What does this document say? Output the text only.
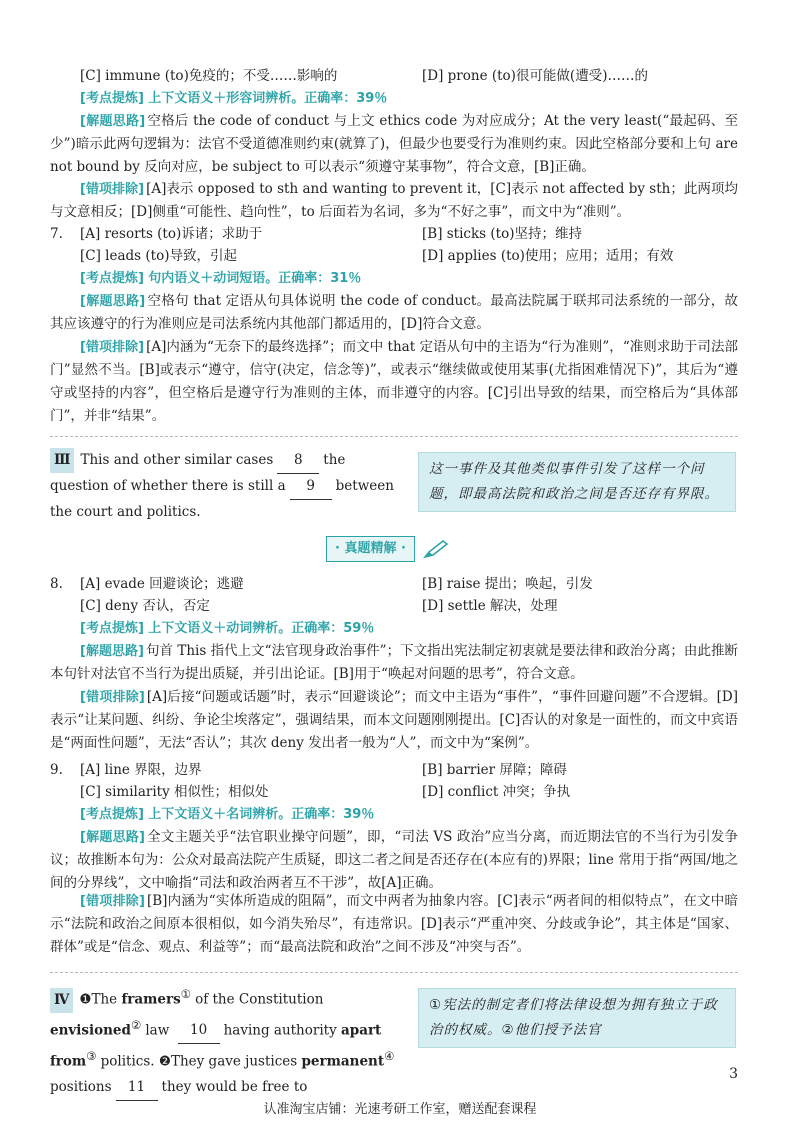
[C] immune (to)免疫的；不受……影响的	[D] prone (to)很可能做(遭受)……的
[考点提炼] 上下文语义＋形容词辨析。正确率：39％
[解题思路] 空格后 the code of conduct 与上文 ethics code 为对应成分；At the very least(“最起码、至少”)暗示此两句逻辑为：法官不受道德准则约束(就算了)，但最少也要受行为准则约束。因此空格部分要和上句 are not bound by 反向对应，be subject to 可以表示“须遵守某事物”，符合文意，[B]正确。
[错项排除] [A]表示 opposed to sth and wanting to prevent it，[C]表示 not affected by sth；此两项均与文意相反；[D]侧重“可能性、趋向性”，to 后面若为名词，多为“不好之事”，而文中为“准则”。
7. [A] resorts (to)诉诸；求助于	[B] sticks (to)坚持；维持
[C] leads (to)导致，引起	[D] applies (to)使用；应用；适用；有效
[考点提炼] 句内语义＋动词短语。正确率：31％
[解题思路] 空格句 that 定语从句具体说明 the code of conduct。最高法院属于联邦司法系统的一部分，故其应该遵守的行为准则应是司法系统内其他部门都适用的，[D]符合文意。
[错项排除] [A]内涵为“无奈下的最终选择”；而文中 that 定语从句中的主语为“行为准则”，“准则求助于司法部门”显然不当。[B]或表示“遵守，信守(决定，信念等)”，或表示“继续做或使用某事(尤指困难情况下)”，其后为“遵守或坚持的内容”，但空格后是遵守行为准则的主体，而非遵守的内容。[C]引出导致的结果，而空格后为“具体部门”，并非“结果”。
Ⅲ This and other similar cases 8 the question of whether there is still a 9 between the court and politics.
这一事件及其他类似事件引发了这样一个问题，即最高法院和政治之间是否还存有界限。
· 真题精解 ·
8. [A] evade 回避谈论；逃避	[B] raise 提出；唤起，引发
[C] deny 否认，否定	[D] settle 解决，处理
[考点提炼] 上下文语义＋动词辨析。正确率：59％
[解题思路] 句首 This 指代上文“法官现身政治事件”；下文指出宪法制定初衷就是要法律和政治分离；由此推断本句针对法官不当行为提出质疑，并引出论证。[B]用于“唤起对问题的思考”，符合文意。
[错项排除] [A]后接“问题或话题”时，表示“回避谈论”；而文中主语为“事件”，“事件回避问题”不合逻辑。[D]表示“让某问题、纠纷、争论尘埃落定”，强调结果，而本文问题刚刚提出。[C]否认的对象是一面性的，而文中宾语是“两面性问题”，无法“否认”；其次 deny 发出者一般为“人”，而文中为“案例”。
9. [A] line 界限，边界	[B] barrier 屏障；障碍
[C] similarity 相似性；相似处	[D] conflict 冲突；争执
[考点提炼] 上下文语义＋名词辨析。正确率：39％
[解题思路] 全文主题关乎“法官职业操守问题”，即，“司法 VS 政治”应当分离，而近期法官的不当行为引发争议；故推断本句为：公众对最高法院产生质疑，即这二者之间是否还存在(本应有的)界限；line 常用于指“两国/地之间的分界线”，文中喻指“司法和政治两者互不干涉”，故[A]正确。
[错项排除] [B]内涵为“实体所造成的阻隔”，而文中两者为抽象内容。[C]表示“两者间的相似特点”，在文中暗示“法院和政治之间原本很相似，如今消失殆尽”，有违常识。[D]表示“严重冲突、分歧或争论”，其主体是“国家、群体”或是“信念、观点、利益等”；而“最高法院和政治”之间不涉及“冲突与否”。
Ⅳ ❶The framers① of the Constitution envisioned② law 10 having authority apart from③ politics. ❷They gave justices permanent④ positions 11 they would be free to
①宪法的制定者们将法律设想为拥有独立于政治的权威。②他们授予法官
3
认准淘宝店铺：光速考研工作室，赠送配套课程
